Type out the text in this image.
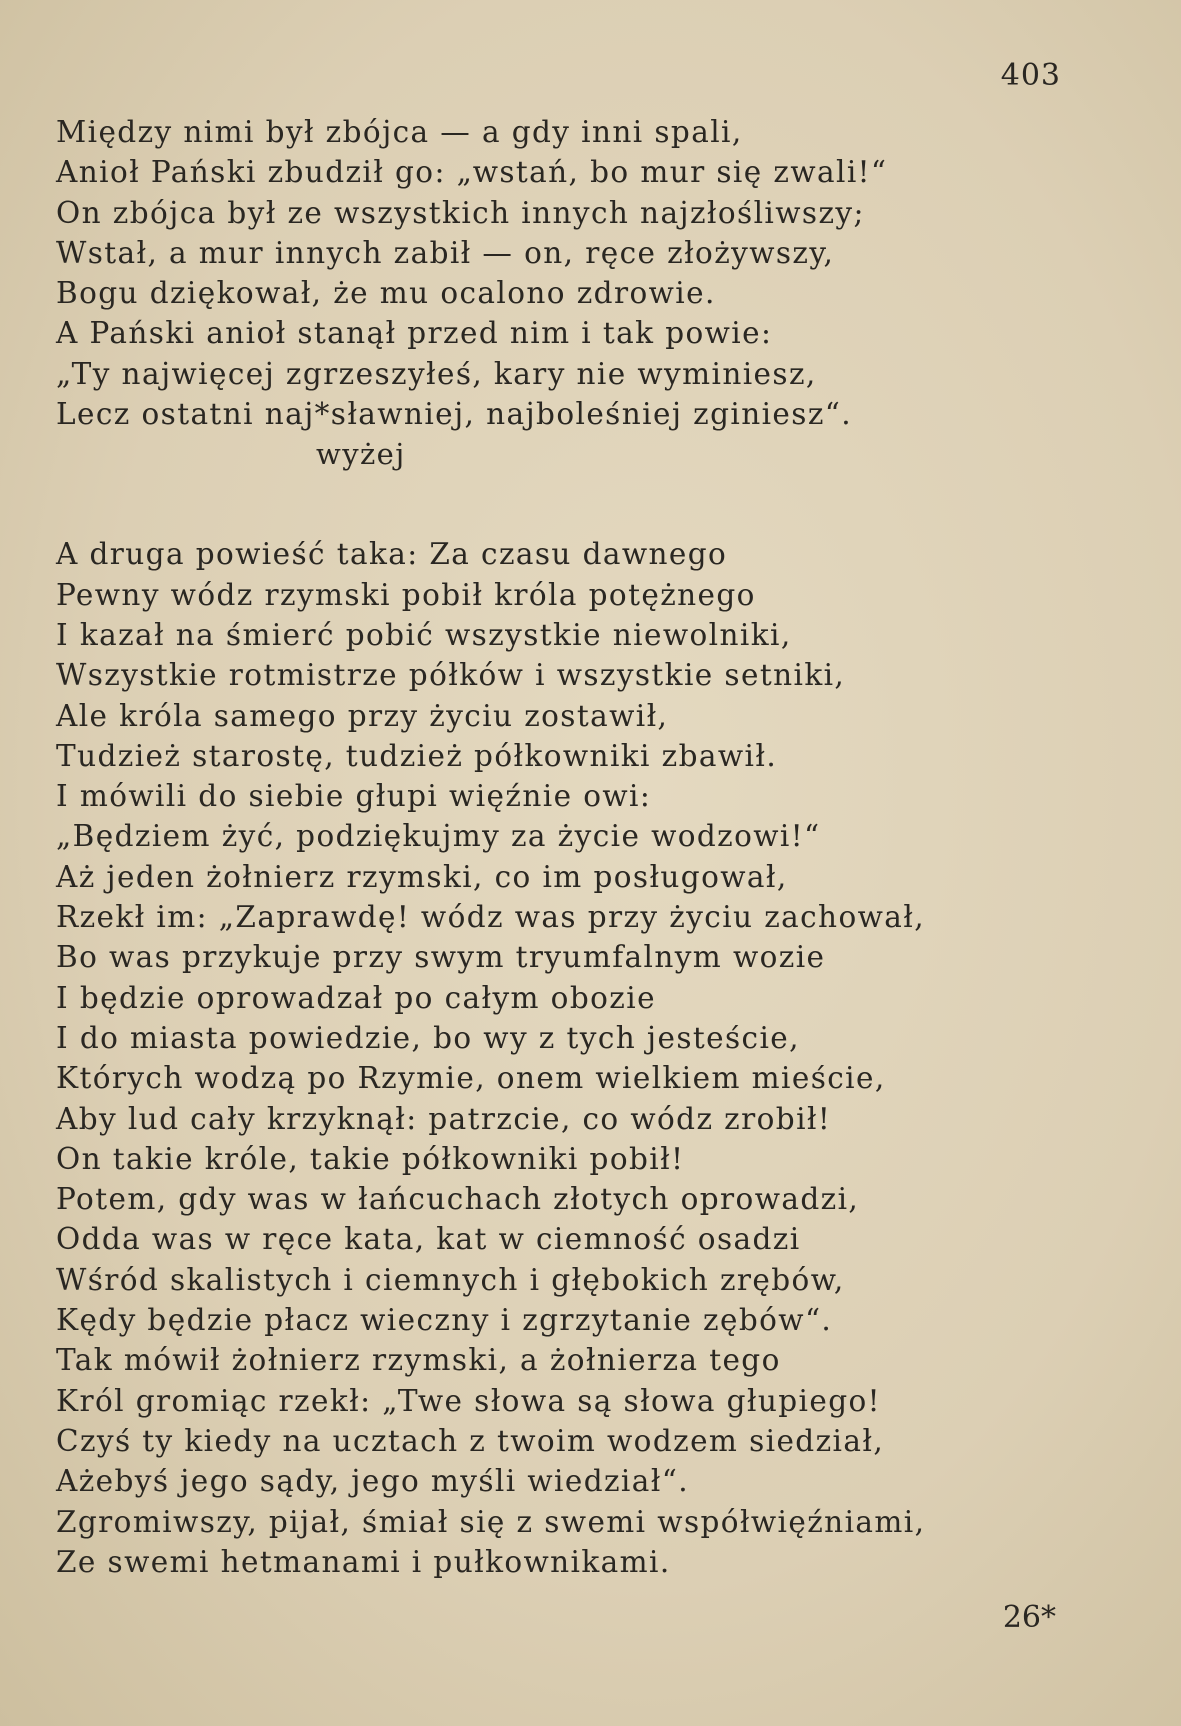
403
Między nimi był zbójca — a gdy inni spali,
Anioł Pański zbudził go: „wstań, bo mur się zwali!“
On zbójca był ze wszystkich innych najzłośliwszy;
Wstał, a mur innych zabił — on, ręce złożywszy,
Bogu dziękował, że mu ocalono zdrowie.
A Pański anioł stanął przed nim i tak powie:
„Ty najwięcej zgrzeszyłeś, kary nie wyminiesz,
Lecz ostatni naj*sławniej, najboleśniej zginiesz“.
wyżej
A druga powieść taka: Za czasu dawnego
Pewny wódz rzymski pobił króla potężnego
I kazał na śmierć pobić wszystkie niewolniki,
Wszystkie rotmistrze półków i wszystkie setniki,
Ale króla samego przy życiu zostawił,
Tudzież starostę, tudzież półkowniki zbawił.
I mówili do siebie głupi więźnie owi:
„Będziem żyć, podziękujmy za życie wodzowi!“
Aż jeden żołnierz rzymski, co im posługował,
Rzekł im: „Zaprawdę! wódz was przy życiu zachował,
Bo was przykuje przy swym tryumfalnym wozie
I będzie oprowadzał po całym obozie
I do miasta powiedzie, bo wy z tych jesteście,
Których wodzą po Rzymie, onem wielkiem mieście,
Aby lud cały krzyknął: patrzcie, co wódz zrobił!
On takie króle, takie półkowniki pobił!
Potem, gdy was w łańcuchach złotych oprowadzi,
Odda was w ręce kata, kat w ciemność osadzi
Wśród skalistych i ciemnych i głębokich zrębów,
Kędy będzie płacz wieczny i zgrzytanie zębów“.
Tak mówił żołnierz rzymski, a żołnierza tego
Król gromiąc rzekł: „Twe słowa są słowa głupiego!
Czyś ty kiedy na ucztach z twoim wodzem siedział,
Ażebyś jego sądy, jego myśli wiedział“.
Zgromiwszy, pijał, śmiał się z swemi współwięźniami,
Ze swemi hetmanami i pułkownikami.
26*
